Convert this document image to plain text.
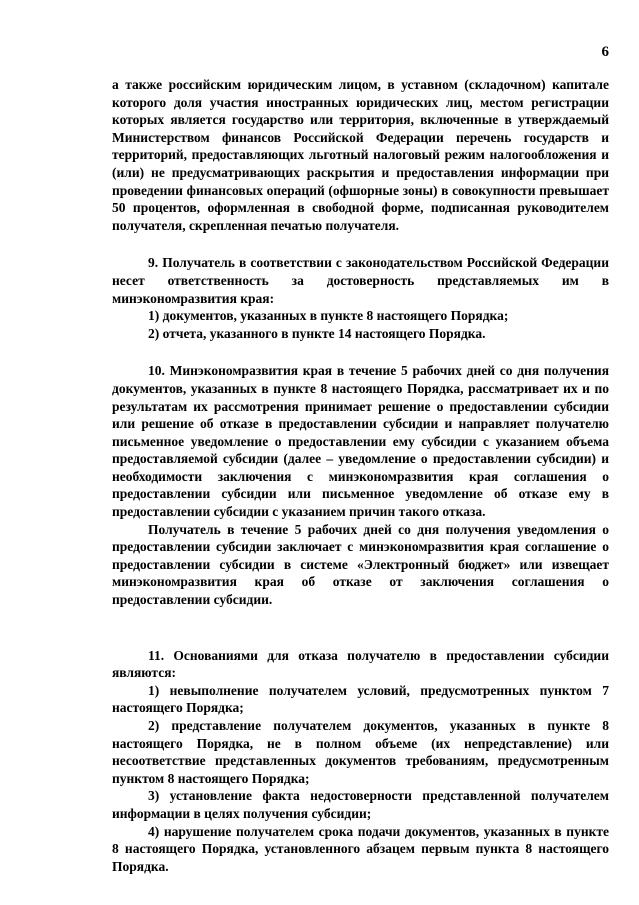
6

а также российским юридическим лицом, в уставном (складочном) капитале которого доля участия иностранных юридических лиц, местом регистрации которых является государство или территория, включенные в утверждаемый Министерством финансов Российской Федерации перечень государств и территорий, предоставляющих льготный налоговый режим налогообложения и (или) не предусматривающих раскрытия и предоставления информации при проведении финансовых операций (офшорные зоны) в совокупности превышает 50 процентов, оформленная в свободной форме, подписанная руководителем получателя, скрепленная печатью получателя.

9. Получатель в соответствии с законодательством Российской Федерации несет ответственность за достоверность представляемых им в минэкономразвития края:

1) документов, указанных в пункте 8 настоящего Порядка;

2) отчета, указанного в пункте 14 настоящего Порядка.

10. Минэкономразвития края в течение 5 рабочих дней со дня получения документов, указанных в пункте 8 настоящего Порядка, рассматривает их и по результатам их рассмотрения принимает решение о предоставлении субсидии или решение об отказе в предоставлении субсидии и направляет получателю письменное уведомление о предоставлении ему субсидии с указанием объема предоставляемой субсидии (далее – уведомление о предоставлении субсидии) и необходимости заключения с минэкономразвития края соглашения о предоставлении субсидии или письменное уведомление об отказе ему в предоставлении субсидии с указанием причин такого отказа.

Получатель в течение 5 рабочих дней со дня получения уведомления о предоставлении субсидии заключает с минэкономразвития края соглашение о предоставлении субсидии в системе «Электронный бюджет» или извещает минэкономразвития края об отказе от заключения соглашения о предоставлении субсидии.

11. Основаниями для отказа получателю в предоставлении субсидии являются:

1) невыполнение получателем условий, предусмотренных пунктом 7 настоящего Порядка;

2) представление получателем документов, указанных в пункте 8 настоящего Порядка, не в полном объеме (их непредставление) или несоответствие представленных документов требованиям, предусмотренным пунктом 8 настоящего Порядка;

3) установление факта недостоверности представленной получателем информации в целях получения субсидии;

4) нарушение получателем срока подачи документов, указанных в пункте 8 настоящего Порядка, установленного абзацем первым пункта 8 настоящего Порядка.
